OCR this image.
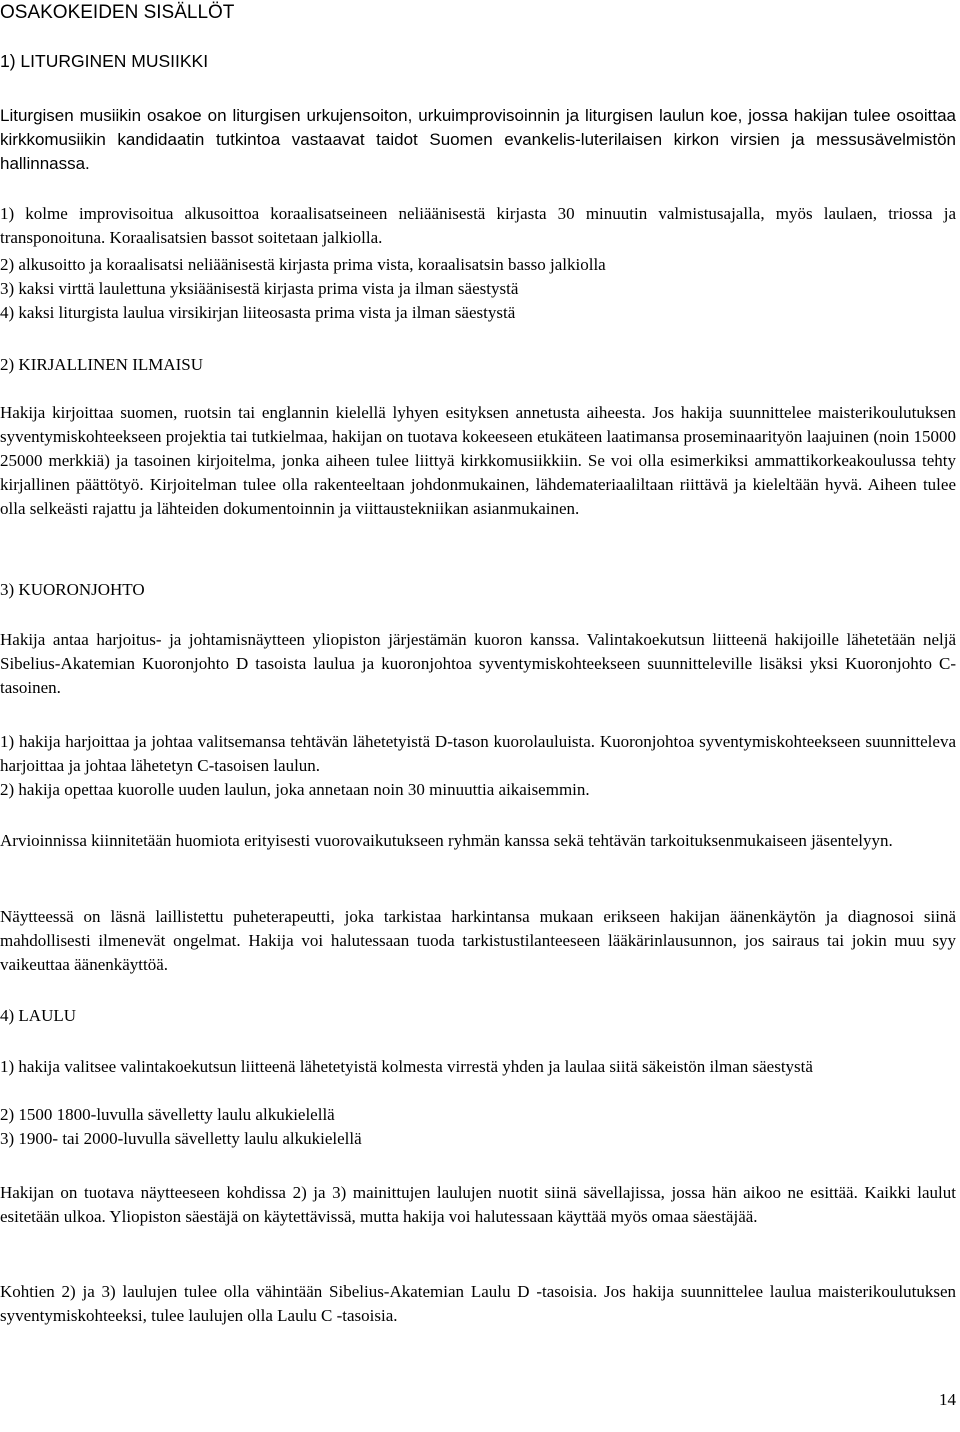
OSAKOKEIDEN SISÄLLÖT

1) LITURGINEN MUSIIKKI

Liturgisen musiikin osakoe on liturgisen urkujensoiton, urkuimprovisoinnin ja liturgisen laulun koe, jossa hakijan tulee osoittaa kirkkomusiikin kandidaatin tutkintoa vastaavat taidot Suomen evankelis-luterilaisen kirkon virsien ja messusävelmistön hallinnassa.

1) kolme improvisoitua alkusoittoa koraalisatseineen neliäänisestä kirjasta 30 minuutin valmistusajalla, myös laulaen, triossa ja transponoituna. Koraalisatsien bassot soitetaan jalkiolla.

2) alkusoitto ja koraalisatsi neliäänisestä kirjasta prima vista, koraalisatsin basso jalkiolla

3) kaksi virttä laulettuna yksiäänisestä kirjasta prima vista ja ilman säestystä

4) kaksi liturgista laulua virsikirjan liiteosasta prima vista ja ilman säestystä

2) KIRJALLINEN ILMAISU

Hakija kirjoittaa suomen, ruotsin tai englannin kielellä lyhyen esityksen annetusta aiheesta. Jos hakija suunnittelee maisterikoulutuksen syventymiskohteekseen projektia tai tutkielmaa, hakijan on tuotava kokeeseen etukäteen laatimansa proseminaarityön laajuinen (noin 15000 25000 merkkiä) ja tasoinen kirjoitelma, jonka aiheen tulee liittyä kirkkomusiikkiin. Se voi olla esimerkiksi ammattikorkeakoulussa tehty kirjallinen päättötyö. Kirjoitelman tulee olla rakenteeltaan johdonmukainen, lähdemateriaaliltaan riittävä ja kieleltään hyvä. Aiheen tulee olla selkeästi rajattu ja lähteiden dokumentoinnin ja viittaustekniikan asianmukainen.

3) KUORONJOHTO

Hakija antaa harjoitus- ja johtamisnäytteen yliopiston järjestämän kuoron kanssa. Valintakoekutsun liitteenä hakijoille lähetetään neljä Sibelius-Akatemian Kuoronjohto D tasoista laulua ja kuoronjohtoa syventymiskohteekseen suunnitteleville lisäksi yksi Kuoronjohto C-tasoinen.

1) hakija harjoittaa ja johtaa valitsemansa tehtävän lähetetyistä D-tason kuorolauluista. Kuoronjohtoa syventymiskohteekseen suunnitteleva harjoittaa ja johtaa lähetetyn C-tasoisen laulun.

2) hakija opettaa kuorolle uuden laulun, joka annetaan noin 30 minuuttia aikaisemmin.

Arvioinnissa kiinnitetään huomiota erityisesti vuorovaikutukseen ryhmän kanssa sekä tehtävän tarkoituksenmukaiseen jäsentelyyn.

Näytteessä on läsnä laillistettu puheterapeutti, joka tarkistaa harkintansa mukaan erikseen hakijan äänenkäytön ja diagnosoi siinä mahdollisesti ilmenevät ongelmat. Hakija voi halutessaan tuoda tarkistustilanteeseen lääkärinlausunnon, jos sairaus tai jokin muu syy vaikeuttaa äänenkäyttöä.

4) LAULU

1) hakija valitsee valintakoekutsun liitteenä lähetetyistä kolmesta virrestä yhden ja laulaa siitä säkeistön ilman säestystä

2) 1500 1800-luvulla sävelletty laulu alkukielellä

3) 1900- tai 2000-luvulla sävelletty laulu alkukielellä

Hakijan on tuotava näytteeseen kohdissa 2) ja 3) mainittujen laulujen nuotit siinä sävellajissa, jossa hän aikoo ne esittää. Kaikki laulut esitetään ulkoa. Yliopiston säestäjä on käytettävissä, mutta hakija voi halutessaan käyttää myös omaa säestäjää.

Kohtien 2) ja 3) laulujen tulee olla vähintään Sibelius-Akatemian Laulu D -tasoisia. Jos hakija suunnittelee laulua maisterikoulutuksen syventymiskohteeksi, tulee laulujen olla Laulu C -tasoisia.

14
